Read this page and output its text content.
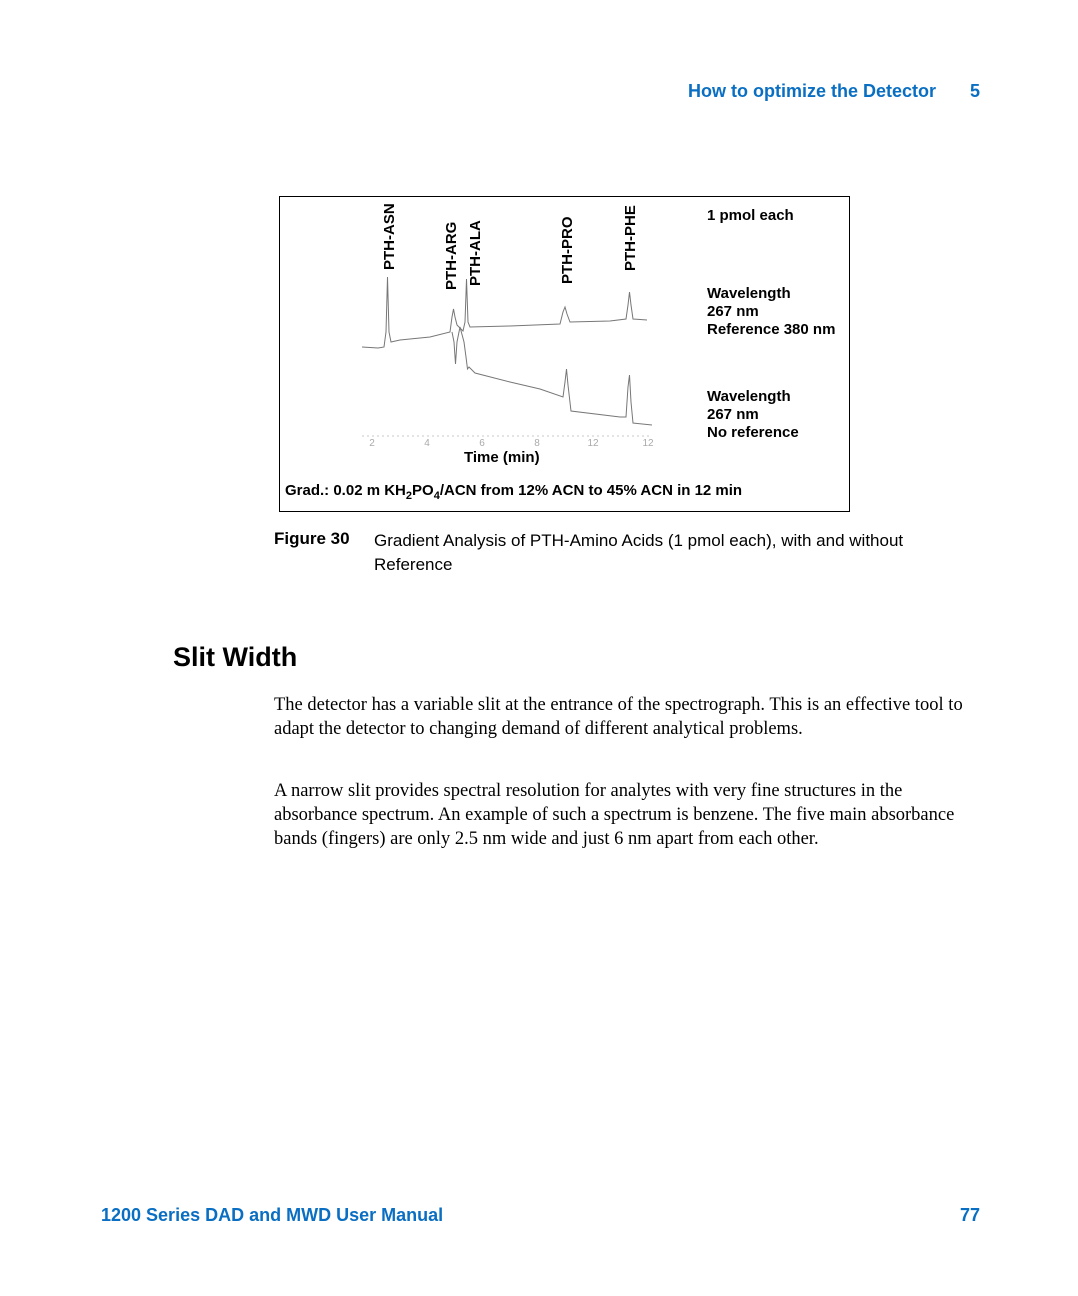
How to optimize the Detector 5
2	4	6	8	12	12
PTH-ASN	PTH-ARG PTH-ALA	PTH-PRO	PTH-PHE	1 pmol each
Wavelength
267 nm
Reference 380 nm
Wavelength
267 nm
No reference
Time (min)
Grad.: 0.02 m $KH_2PO_4$/ACN from 12% ACN to 45% ACN in 12 min
Figure 30 Gradient Analysis of PTH-Amino Acids (1 pmol each), with and without Reference
Slit Width

The detector has a variable slit at the entrance of the spectrograph. This is an effective tool to adapt the detector to changing demand of different analytical problems.

A narrow slit provides spectral resolution for analytes with very fine structures in the absorbance spectrum. An example of such a spectrum is benzene. The five main absorbance bands (fingers) are only 2.5 nm wide and just 6 nm apart from each other.

1200 Series DAD and MWD User Manual	77
